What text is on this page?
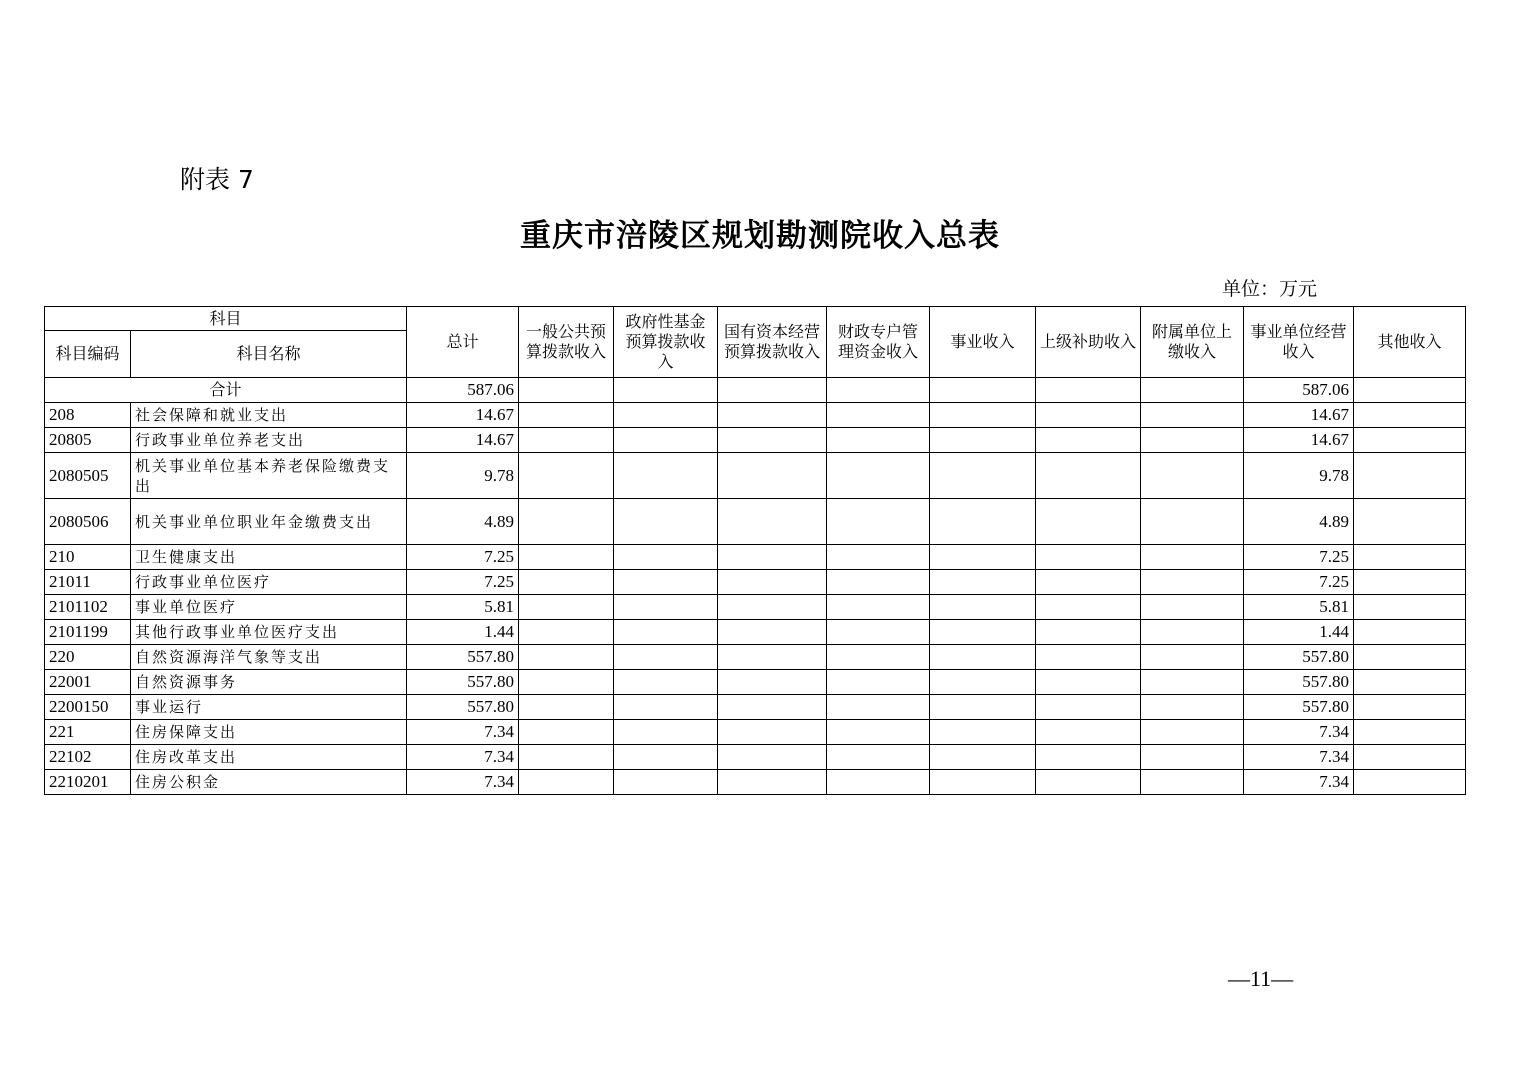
附表 7
重庆市涪陵区规划勘测院收入总表
单位：万元
科目		总计	一般公共预算拨款收入	政府性基金预算拨款收入	国有资本经营预算拨款收入	财政专户管理资金收入	事业收入	上级补助收入	附属单位上缴收入	事业单位经营收入	其他收入
科目编码	科目名称										
合计		587.06								587.06	
208	社会保障和就业支出	14.67								14.67	
20805	行政事业单位养老支出	14.67								14.67	
2080505	机关事业单位基本养老保险缴费支出	9.78								9.78	
2080506	机关事业单位职业年金缴费支出	4.89								4.89	
210	卫生健康支出	7.25								7.25	
21011	行政事业单位医疗	7.25								7.25	
2101102	事业单位医疗	5.81								5.81	
2101199	其他行政事业单位医疗支出	1.44								1.44	
220	自然资源海洋气象等支出	557.80								557.80	
22001	自然资源事务	557.80								557.80	
2200150	事业运行	557.80								557.80	
221	住房保障支出	7.34								7.34	
22102	住房改革支出	7.34								7.34	
2210201	住房公积金	7.34								7.34	
—11—
